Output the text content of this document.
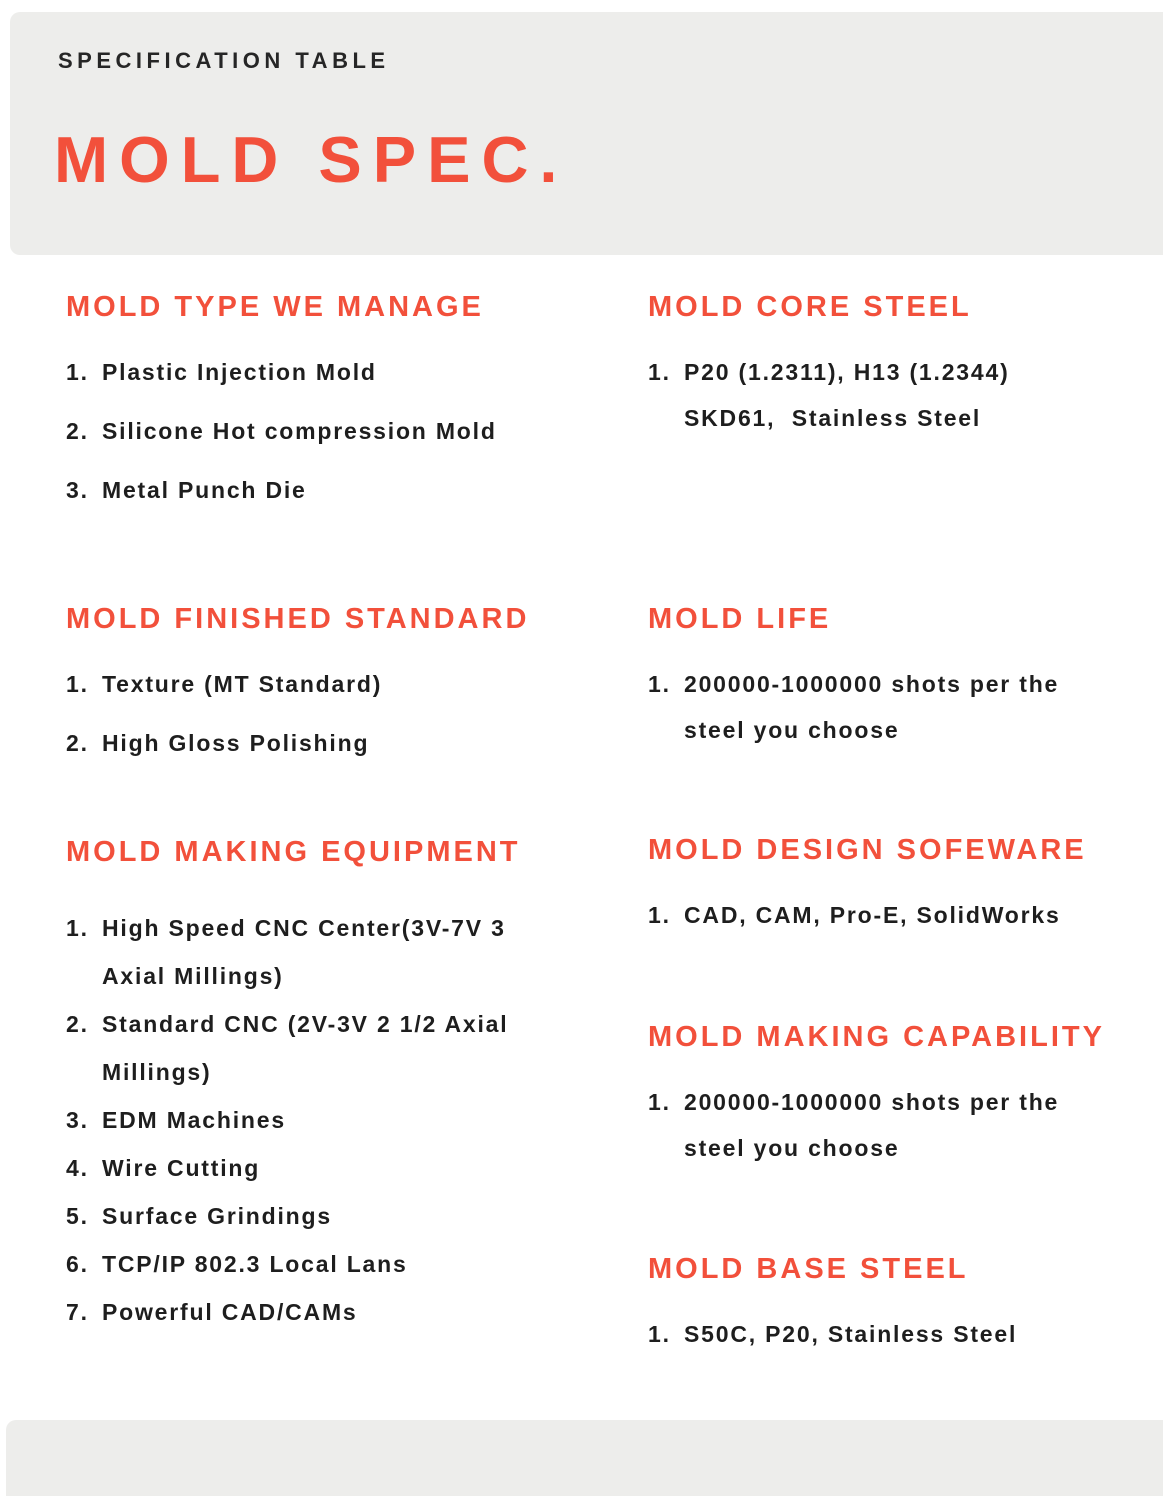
SPECIFICATION TABLE
MOLD SPEC.
MOLD TYPE WE MANAGE
1. Plastic Injection Mold
2. Silicone Hot compression Mold
3. Metal Punch Die
MOLD FINISHED STANDARD
1. Texture (MT Standard)
2. High Gloss Polishing
MOLD MAKING EQUIPMENT
1. High Speed CNC Center(3V-7V 3
Axial Millings)
2. Standard CNC (2V-3V 2 1/2 Axial
Millings)
3. EDM Machines
4. Wire Cutting
5. Surface Grindings
6. TCP/IP 802.3 Local Lans
7. Powerful CAD/CAMs
MOLD CORE STEEL
1. P20 (1.2311), H13 (1.2344)
SKD61,  Stainless Steel
MOLD LIFE
1. 200000-1000000 shots per the
steel you choose
MOLD DESIGN SOFEWARE
1. CAD, CAM, Pro-E, SolidWorks
MOLD MAKING CAPABILITY
1. 200000-1000000 shots per the
steel you choose
MOLD BASE STEEL
1. S50C, P20, Stainless Steel
